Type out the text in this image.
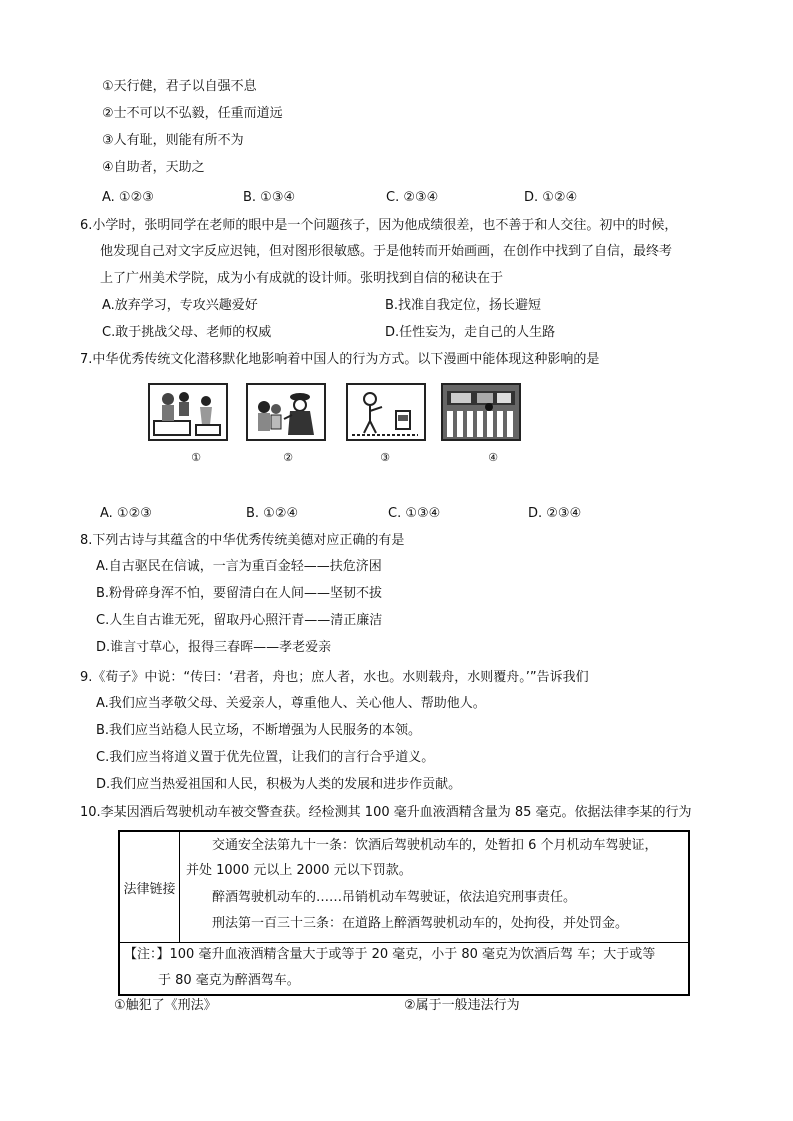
①天行健，君子以自强不息
②士不可以不弘毅，任重而道远
③人有耻，则能有所不为
④自助者，天助之
A. ①②③	B. ①③④	C. ②③④	D. ①②④
6.小学时，张明同学在老师的眼中是一个问题孩子，因为他成绩很差，也不善于和人交往。初中的时候，
他发现自己对文字反应迟钝，但对图形很敏感。于是他转而开始画画，在创作中找到了自信，最终考
上了广州美术学院，成为小有成就的设计师。张明找到自信的秘诀在于
A.放弃学习，专攻兴趣爱好	B.找准自我定位，扬长避短
C.敢于挑战父母、老师的权威	D.任性妄为，走自己的人生路
7.中华优秀传统文化潜移默化地影响着中国人的行为方式。以下漫画中能体现这种影响的是
①	②	③	④
A. ①②③	B. ①②④	C. ①③④	D. ②③④
8.下列古诗与其蕴含的中华优秀传统美德对应正确的有是
A.自古驱民在信诚，一言为重百金轻——扶危济困
B.粉骨碎身浑不怕，要留清白在人间——坚韧不拔
C.人生自古谁无死，留取丹心照汗青——清正廉洁
D.谁言寸草心，报得三春晖——孝老爱亲
9.《荀子》中说：“传曰：‘君者，舟也；庶人者，水也。水则载舟，水则覆舟。’”告诉我们
A.我们应当孝敬父母、关爱亲人，尊重他人、关心他人、帮助他人。
B.我们应当站稳人民立场，不断增强为人民服务的本领。
C.我们应当将道义置于优先位置，让我们的言行合乎道义。
D.我们应当热爱祖国和人民，积极为人类的发展和进步作贡献。
10.李某因酒后驾驶机动车被交警查获。经检测其 100 毫升血液酒精含量为 85 毫克。依据法律李某的行为
法律链接
交通安全法第九十一条：饮酒后驾驶机动车的，处暂扣 6 个月机动车驾驶证，
并处 1000 元以上 2000 元以下罚款。
醉酒驾驶机动车的……吊销机动车驾驶证，依法追究刑事责任。
刑法第一百三十三条：在道路上醉酒驾驶机动车的，处拘役，并处罚金。
【注：】100 毫升血液酒精含量大于或等于 20 毫克，小于 80 毫克为饮酒后驾 车；大于或等
于 80 毫克为醉酒驾车。
①触犯了《刑法》	②属于一般违法行为
